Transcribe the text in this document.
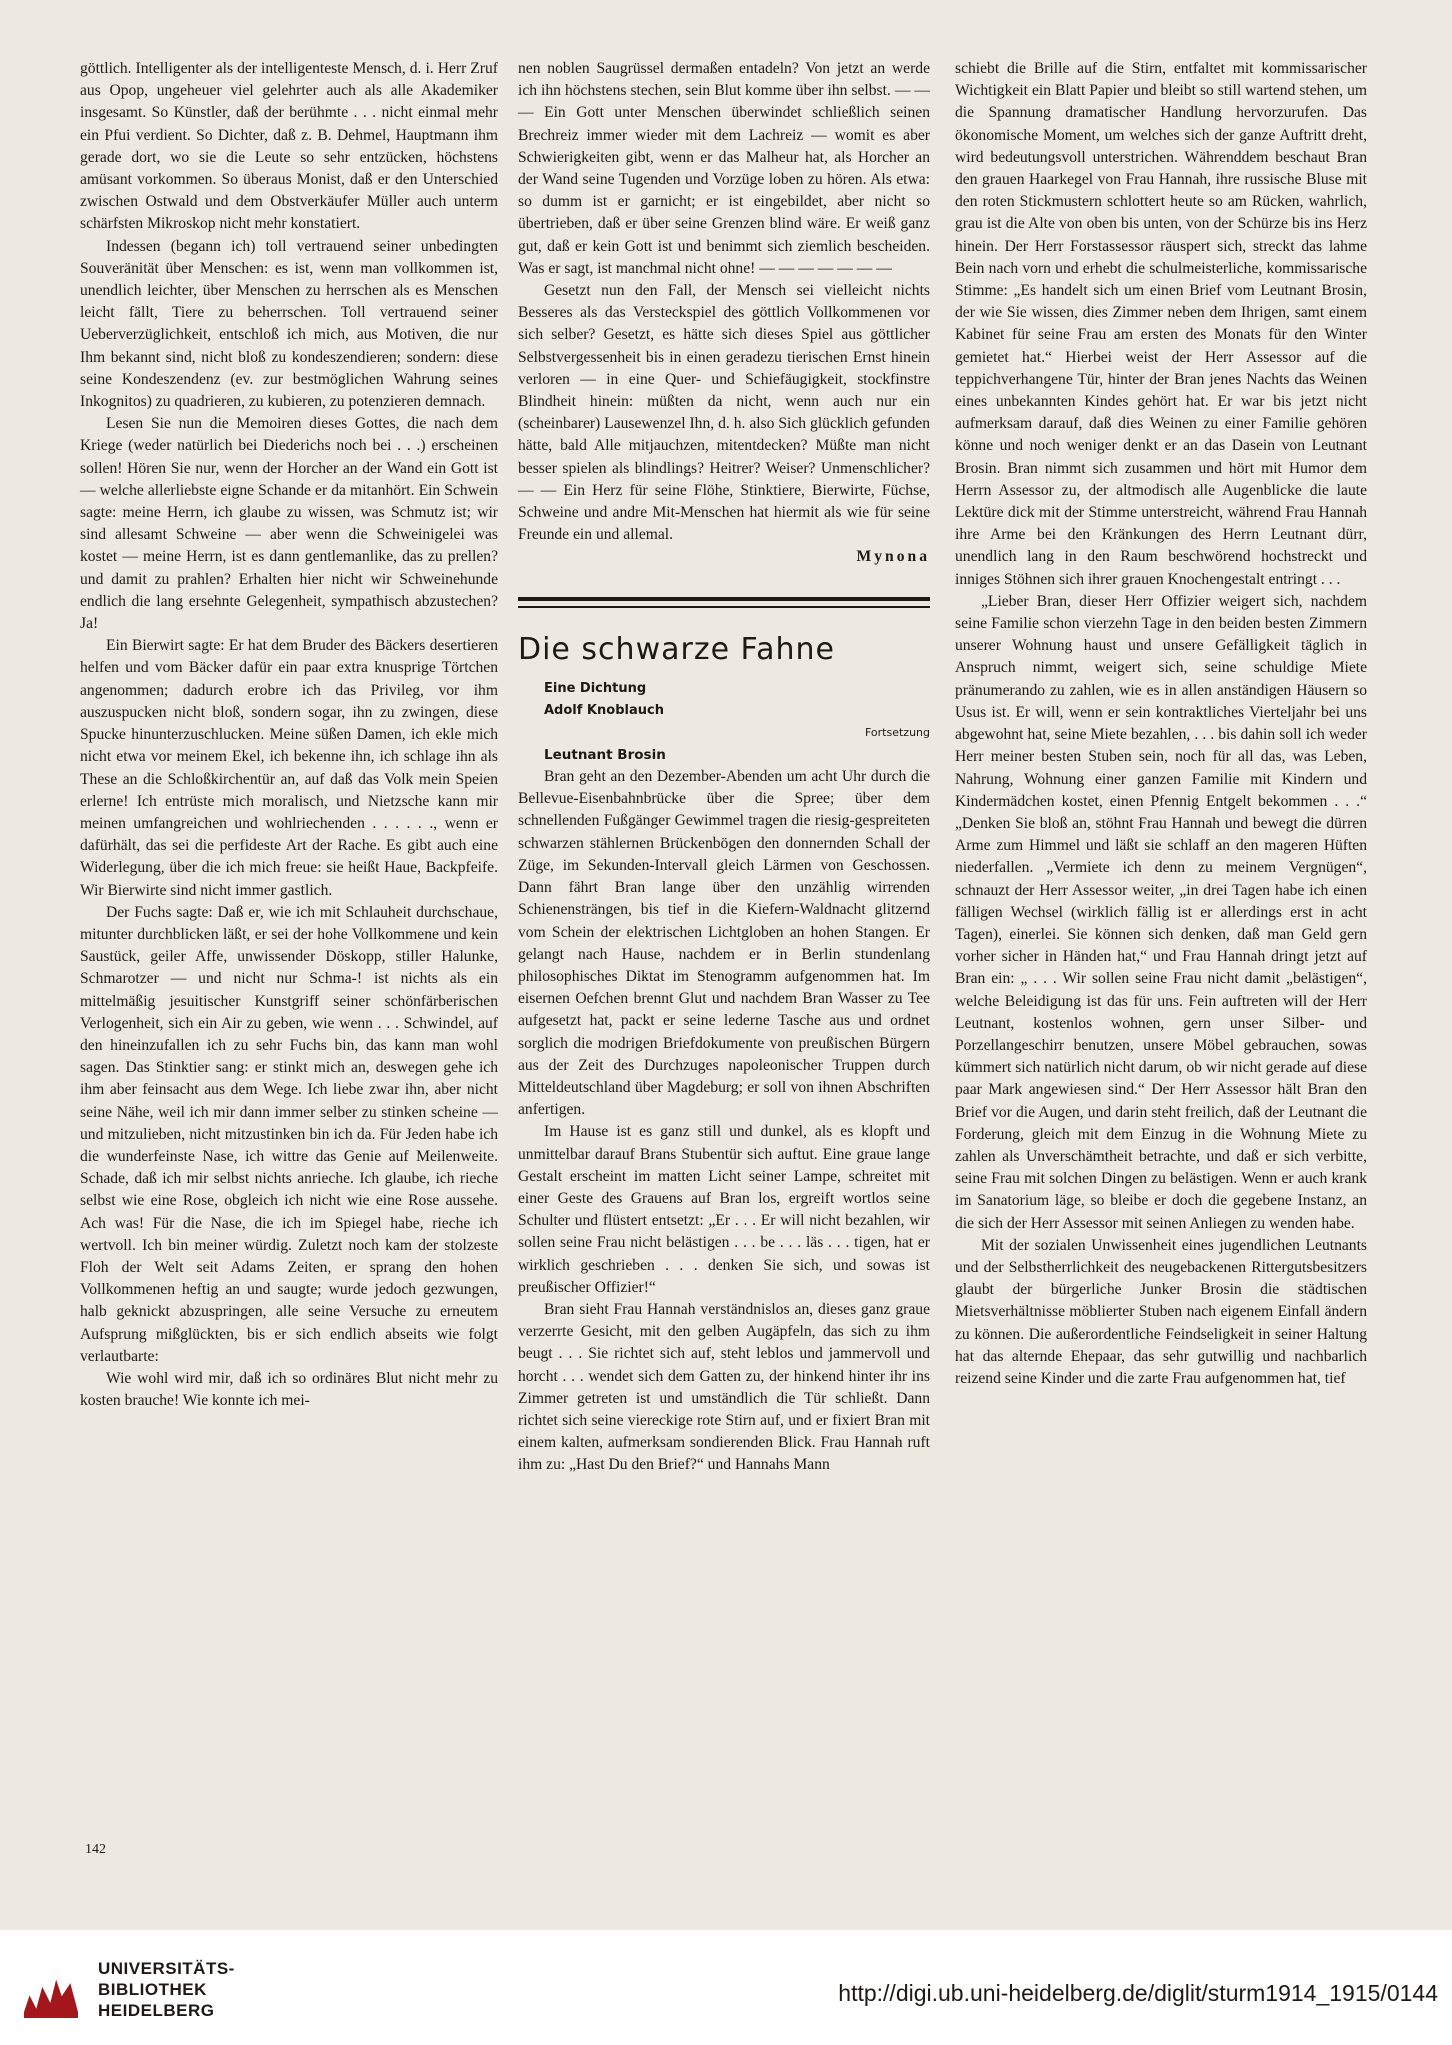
göttlich. Intelligenter als der intelligenteste Mensch, d. i. Herr Zruf aus Opop, ungeheuer viel gelehrter auch als alle Akademiker insgesamt. So Künstler, daß der berühmte . . . nicht einmal mehr ein Pfui verdient. So Dichter, daß z. B. Dehmel, Hauptmann ihm gerade dort, wo sie die Leute so sehr entzücken, höchstens amüsant vorkommen. So überaus Monist, daß er den Unterschied zwischen Ostwald und dem Obstverkäufer Müller auch unterm schärfsten Mikroskop nicht mehr konstatiert.

Indessen (begann ich) toll vertrauend seiner unbedingten Souveränität über Menschen: es ist, wenn man vollkommen ist, unendlich leichter, über Menschen zu herrschen als es Menschen leicht fällt, Tiere zu beherrschen. Toll vertrauend seiner Ueberverzüglichkeit, entschloß ich mich, aus Motiven, die nur Ihm bekannt sind, nicht bloß zu kondeszendieren; sondern: diese seine Kondeszendenz (ev. zur bestmöglichen Wahrung seines Inkognitos) zu quadrieren, zu kubieren, zu potenzieren demnach.

Lesen Sie nun die Memoiren dieses Gottes, die nach dem Kriege (weder natürlich bei Diederichs noch bei . . .) erscheinen sollen! Hören Sie nur, wenn der Horcher an der Wand ein Gott ist — welche allerliebste eigne Schande er da mitanhört. Ein Schwein sagte: meine Herrn, ich glaube zu wissen, was Schmutz ist; wir sind allesamt Schweine — aber wenn die Schweinigelei was kostet — meine Herrn, ist es dann gentlemanlike, das zu prellen? und damit zu prahlen? Erhalten hier nicht wir Schweinehunde endlich die lang ersehnte Gelegenheit, sympathisch abzustechen? Ja!

Ein Bierwirt sagte: Er hat dem Bruder des Bäckers desertieren helfen und vom Bäcker dafür ein paar extra knusprige Törtchen angenommen; dadurch erobre ich das Privileg, vor ihm auszuspucken nicht bloß, sondern sogar, ihn zu zwingen, diese Spucke hinunterzuschlucken. Meine süßen Damen, ich ekle mich nicht etwa vor meinem Ekel, ich bekenne ihn, ich schlage ihn als These an die Schloßkirchentür an, auf daß das Volk mein Speien erlerne! Ich entrüste mich moralisch, und Nietzsche kann mir meinen umfangreichen und wohlriechenden . . . . . ., wenn er dafürhält, das sei die perfideste Art der Rache. Es gibt auch eine Widerlegung, über die ich mich freue: sie heißt Haue, Backpfeife. Wir Bierwirte sind nicht immer gastlich.

Der Fuchs sagte: Daß er, wie ich mit Schlauheit durchschaue, mitunter durchblicken läßt, er sei der hohe Vollkommene und kein Saustück, geiler Affe, unwissender Döskopp, stiller Halunke, Schmarotzer — und nicht nur Schma-! ist nichts als ein mittelmäßig jesuitischer Kunstgriff seiner schönfärberischen Verlogenheit, sich ein Air zu geben, wie wenn . . . Schwindel, auf den hineinzufallen ich zu sehr Fuchs bin, das kann man wohl sagen. Das Stinktier sang: er stinkt mich an, deswegen gehe ich ihm aber feinsacht aus dem Wege. Ich liebe zwar ihn, aber nicht seine Nähe, weil ich mir dann immer selber zu stinken scheine — und mitzulieben, nicht mitzustinken bin ich da. Für Jeden habe ich die wunderfeinste Nase, ich wittre das Genie auf Meilenweite. Schade, daß ich mir selbst nichts anrieche. Ich glaube, ich rieche selbst wie eine Rose, obgleich ich nicht wie eine Rose aussehe. Ach was! Für die Nase, die ich im Spiegel habe, rieche ich wertvoll. Ich bin meiner würdig. Zuletzt noch kam der stolzeste Floh der Welt seit Adams Zeiten, er sprang den hohen Vollkommenen heftig an und saugte; wurde jedoch gezwungen, halb geknickt abzuspringen, alle seine Versuche zu erneutem Aufsprung mißglückten, bis er sich endlich abseits wie folgt verlautbarte:

Wie wohl wird mir, daß ich so ordinäres Blut nicht mehr zu kosten brauche! Wie konnte ich mei-

nen noblen Saugrüssel dermaßen entadeln? Von jetzt an werde ich ihn höchstens stechen, sein Blut komme über ihn selbst. — — — Ein Gott unter Menschen überwindet schließlich seinen Brechreiz immer wieder mit dem Lachreiz — womit es aber Schwierigkeiten gibt, wenn er das Malheur hat, als Horcher an der Wand seine Tugenden und Vorzüge loben zu hören. Als etwa: so dumm ist er garnicht; er ist eingebildet, aber nicht so übertrieben, daß er über seine Grenzen blind wäre. Er weiß ganz gut, daß er kein Gott ist und benimmt sich ziemlich bescheiden. Was er sagt, ist manchmal nicht ohne! — — — — — — —

Gesetzt nun den Fall, der Mensch sei vielleicht nichts Besseres als das Versteckspiel des göttlich Vollkommenen vor sich selber? Gesetzt, es hätte sich dieses Spiel aus göttlicher Selbstvergessenheit bis in einen geradezu tierischen Ernst hinein verloren — in eine Quer- und Schiefäugigkeit, stockfinstre Blindheit hinein: müßten da nicht, wenn auch nur ein (scheinbarer) Lausewenzel Ihn, d. h. also Sich glücklich gefunden hätte, bald Alle mitjauchzen, mitentdecken? Müßte man nicht besser spielen als blindlings? Heitrer? Weiser? Unmenschlicher? — — Ein Herz für seine Flöhe, Stinktiere, Bierwirte, Füchse, Schweine und andre Mit-Menschen hat hiermit als wie für seine Freunde ein und allemal.

Mynona

Die schwarze Fahne

Eine Dichtung

Adolf Knoblauch

Fortsetzung

Leutnant Brosin

Bran geht an den Dezember-Abenden um acht Uhr durch die Bellevue-Eisenbahnbrücke über die Spree; über dem schnellenden Fußgänger Gewimmel tragen die riesig-gespreiteten schwarzen stählernen Brückenbögen den donnernden Schall der Züge, im Sekunden-Intervall gleich Lärmen von Geschossen. Dann fährt Bran lange über den unzählig wirrenden Schienensträngen, bis tief in die Kiefern-Waldnacht glitzernd vom Schein der elektrischen Lichtgloben an hohen Stangen. Er gelangt nach Hause, nachdem er in Berlin stundenlang philosophisches Diktat im Stenogramm aufgenommen hat. Im eisernen Oefchen brennt Glut und nachdem Bran Wasser zu Tee aufgesetzt hat, packt er seine lederne Tasche aus und ordnet sorglich die modrigen Briefdokumente von preußischen Bürgern aus der Zeit des Durchzuges napoleonischer Truppen durch Mitteldeutschland über Magdeburg; er soll von ihnen Abschriften anfertigen.

Im Hause ist es ganz still und dunkel, als es klopft und unmittelbar darauf Brans Stubentür sich auftut. Eine graue lange Gestalt erscheint im matten Licht seiner Lampe, schreitet mit einer Geste des Grauens auf Bran los, ergreift wortlos seine Schulter und flüstert entsetzt: „Er . . . Er will nicht bezahlen, wir sollen seine Frau nicht belästigen . . . be . . . läs . . . tigen, hat er wirklich geschrieben . . . denken Sie sich, und sowas ist preußischer Offizier!“

Bran sieht Frau Hannah verständnislos an, dieses ganz graue verzerrte Gesicht, mit den gelben Augäpfeln, das sich zu ihm beugt . . . Sie richtet sich auf, steht leblos und jammervoll und horcht . . . wendet sich dem Gatten zu, der hinkend hinter ihr ins Zimmer getreten ist und umständlich die Tür schließt. Dann richtet sich seine viereckige rote Stirn auf, und er fixiert Bran mit einem kalten, aufmerksam sondierenden Blick. Frau Hannah ruft ihm zu: „Hast Du den Brief?“ und Hannahs Mann

schiebt die Brille auf die Stirn, entfaltet mit kommissarischer Wichtigkeit ein Blatt Papier und bleibt so still wartend stehen, um die Spannung dramatischer Handlung hervorzurufen. Das ökonomische Moment, um welches sich der ganze Auftritt dreht, wird bedeutungsvoll unterstrichen. Währenddem beschaut Bran den grauen Haarkegel von Frau Hannah, ihre russische Bluse mit den roten Stickmustern schlottert heute so am Rücken, wahrlich, grau ist die Alte von oben bis unten, von der Schürze bis ins Herz hinein. Der Herr Forstassessor räuspert sich, streckt das lahme Bein nach vorn und erhebt die schulmeisterliche, kommissarische Stimme: „Es handelt sich um einen Brief vom Leutnant Brosin, der wie Sie wissen, dies Zimmer neben dem Ihrigen, samt einem Kabinet für seine Frau am ersten des Monats für den Winter gemietet hat.“ Hierbei weist der Herr Assessor auf die teppichverhangene Tür, hinter der Bran jenes Nachts das Weinen eines unbekannten Kindes gehört hat. Er war bis jetzt nicht aufmerksam darauf, daß dies Weinen zu einer Familie gehören könne und noch weniger denkt er an das Dasein von Leutnant Brosin. Bran nimmt sich zusammen und hört mit Humor dem Herrn Assessor zu, der altmodisch alle Augenblicke die laute Lektüre dick mit der Stimme unterstreicht, während Frau Hannah ihre Arme bei den Kränkungen des Herrn Leutnant dürr, unendlich lang in den Raum beschwörend hochstreckt und inniges Stöhnen sich ihrer grauen Knochengestalt entringt . . .

„Lieber Bran, dieser Herr Offizier weigert sich, nachdem seine Familie schon vierzehn Tage in den beiden besten Zimmern unserer Wohnung haust und unsere Gefälligkeit täglich in Anspruch nimmt, weigert sich, seine schuldige Miete pränumerando zu zahlen, wie es in allen anständigen Häusern so Usus ist. Er will, wenn er sein kontraktliches Vierteljahr bei uns abgewohnt hat, seine Miete bezahlen, . . . bis dahin soll ich weder Herr meiner besten Stuben sein, noch für all das, was Leben, Nahrung, Wohnung einer ganzen Familie mit Kindern und Kindermädchen kostet, einen Pfennig Entgelt bekommen . . .“ „Denken Sie bloß an, stöhnt Frau Hannah und bewegt die dürren Arme zum Himmel und läßt sie schlaff an den mageren Hüften niederfallen. „Vermiete ich denn zu meinem Vergnügen“, schnauzt der Herr Assessor weiter, „in drei Tagen habe ich einen fälligen Wechsel (wirklich fällig ist er allerdings erst in acht Tagen), einerlei. Sie können sich denken, daß man Geld gern vorher sicher in Händen hat,“ und Frau Hannah dringt jetzt auf Bran ein: „ . . . Wir sollen seine Frau nicht damit „belästigen“, welche Beleidigung ist das für uns. Fein auftreten will der Herr Leutnant, kostenlos wohnen, gern unser Silber- und Porzellangeschirr benutzen, unsere Möbel gebrauchen, sowas kümmert sich natürlich nicht darum, ob wir nicht gerade auf diese paar Mark angewiesen sind.“ Der Herr Assessor hält Bran den Brief vor die Augen, und darin steht freilich, daß der Leutnant die Forderung, gleich mit dem Einzug in die Wohnung Miete zu zahlen als Unverschämtheit betrachte, und daß er sich verbitte, seine Frau mit solchen Dingen zu belästigen. Wenn er auch krank im Sanatorium läge, so bleibe er doch die gegebene Instanz, an die sich der Herr Assessor mit seinen Anliegen zu wenden habe.

Mit der sozialen Unwissenheit eines jugendlichen Leutnants und der Selbstherrlichkeit des neugebackenen Rittergutsbesitzers glaubt der bürgerliche Junker Brosin die städtischen Mietsverhältnisse möblierter Stuben nach eigenem Einfall ändern zu können. Die außerordentliche Feindseligkeit in seiner Haltung hat das alternde Ehepaar, das sehr gutwillig und nachbarlich reizend seine Kinder und die zarte Frau aufgenommen hat, tief

142
UNIVERSITÄTS-
BIBLIOTHEK
HEIDELBERG
http://digi.ub.uni-heidelberg.de/diglit/sturm1914_1915/0144
